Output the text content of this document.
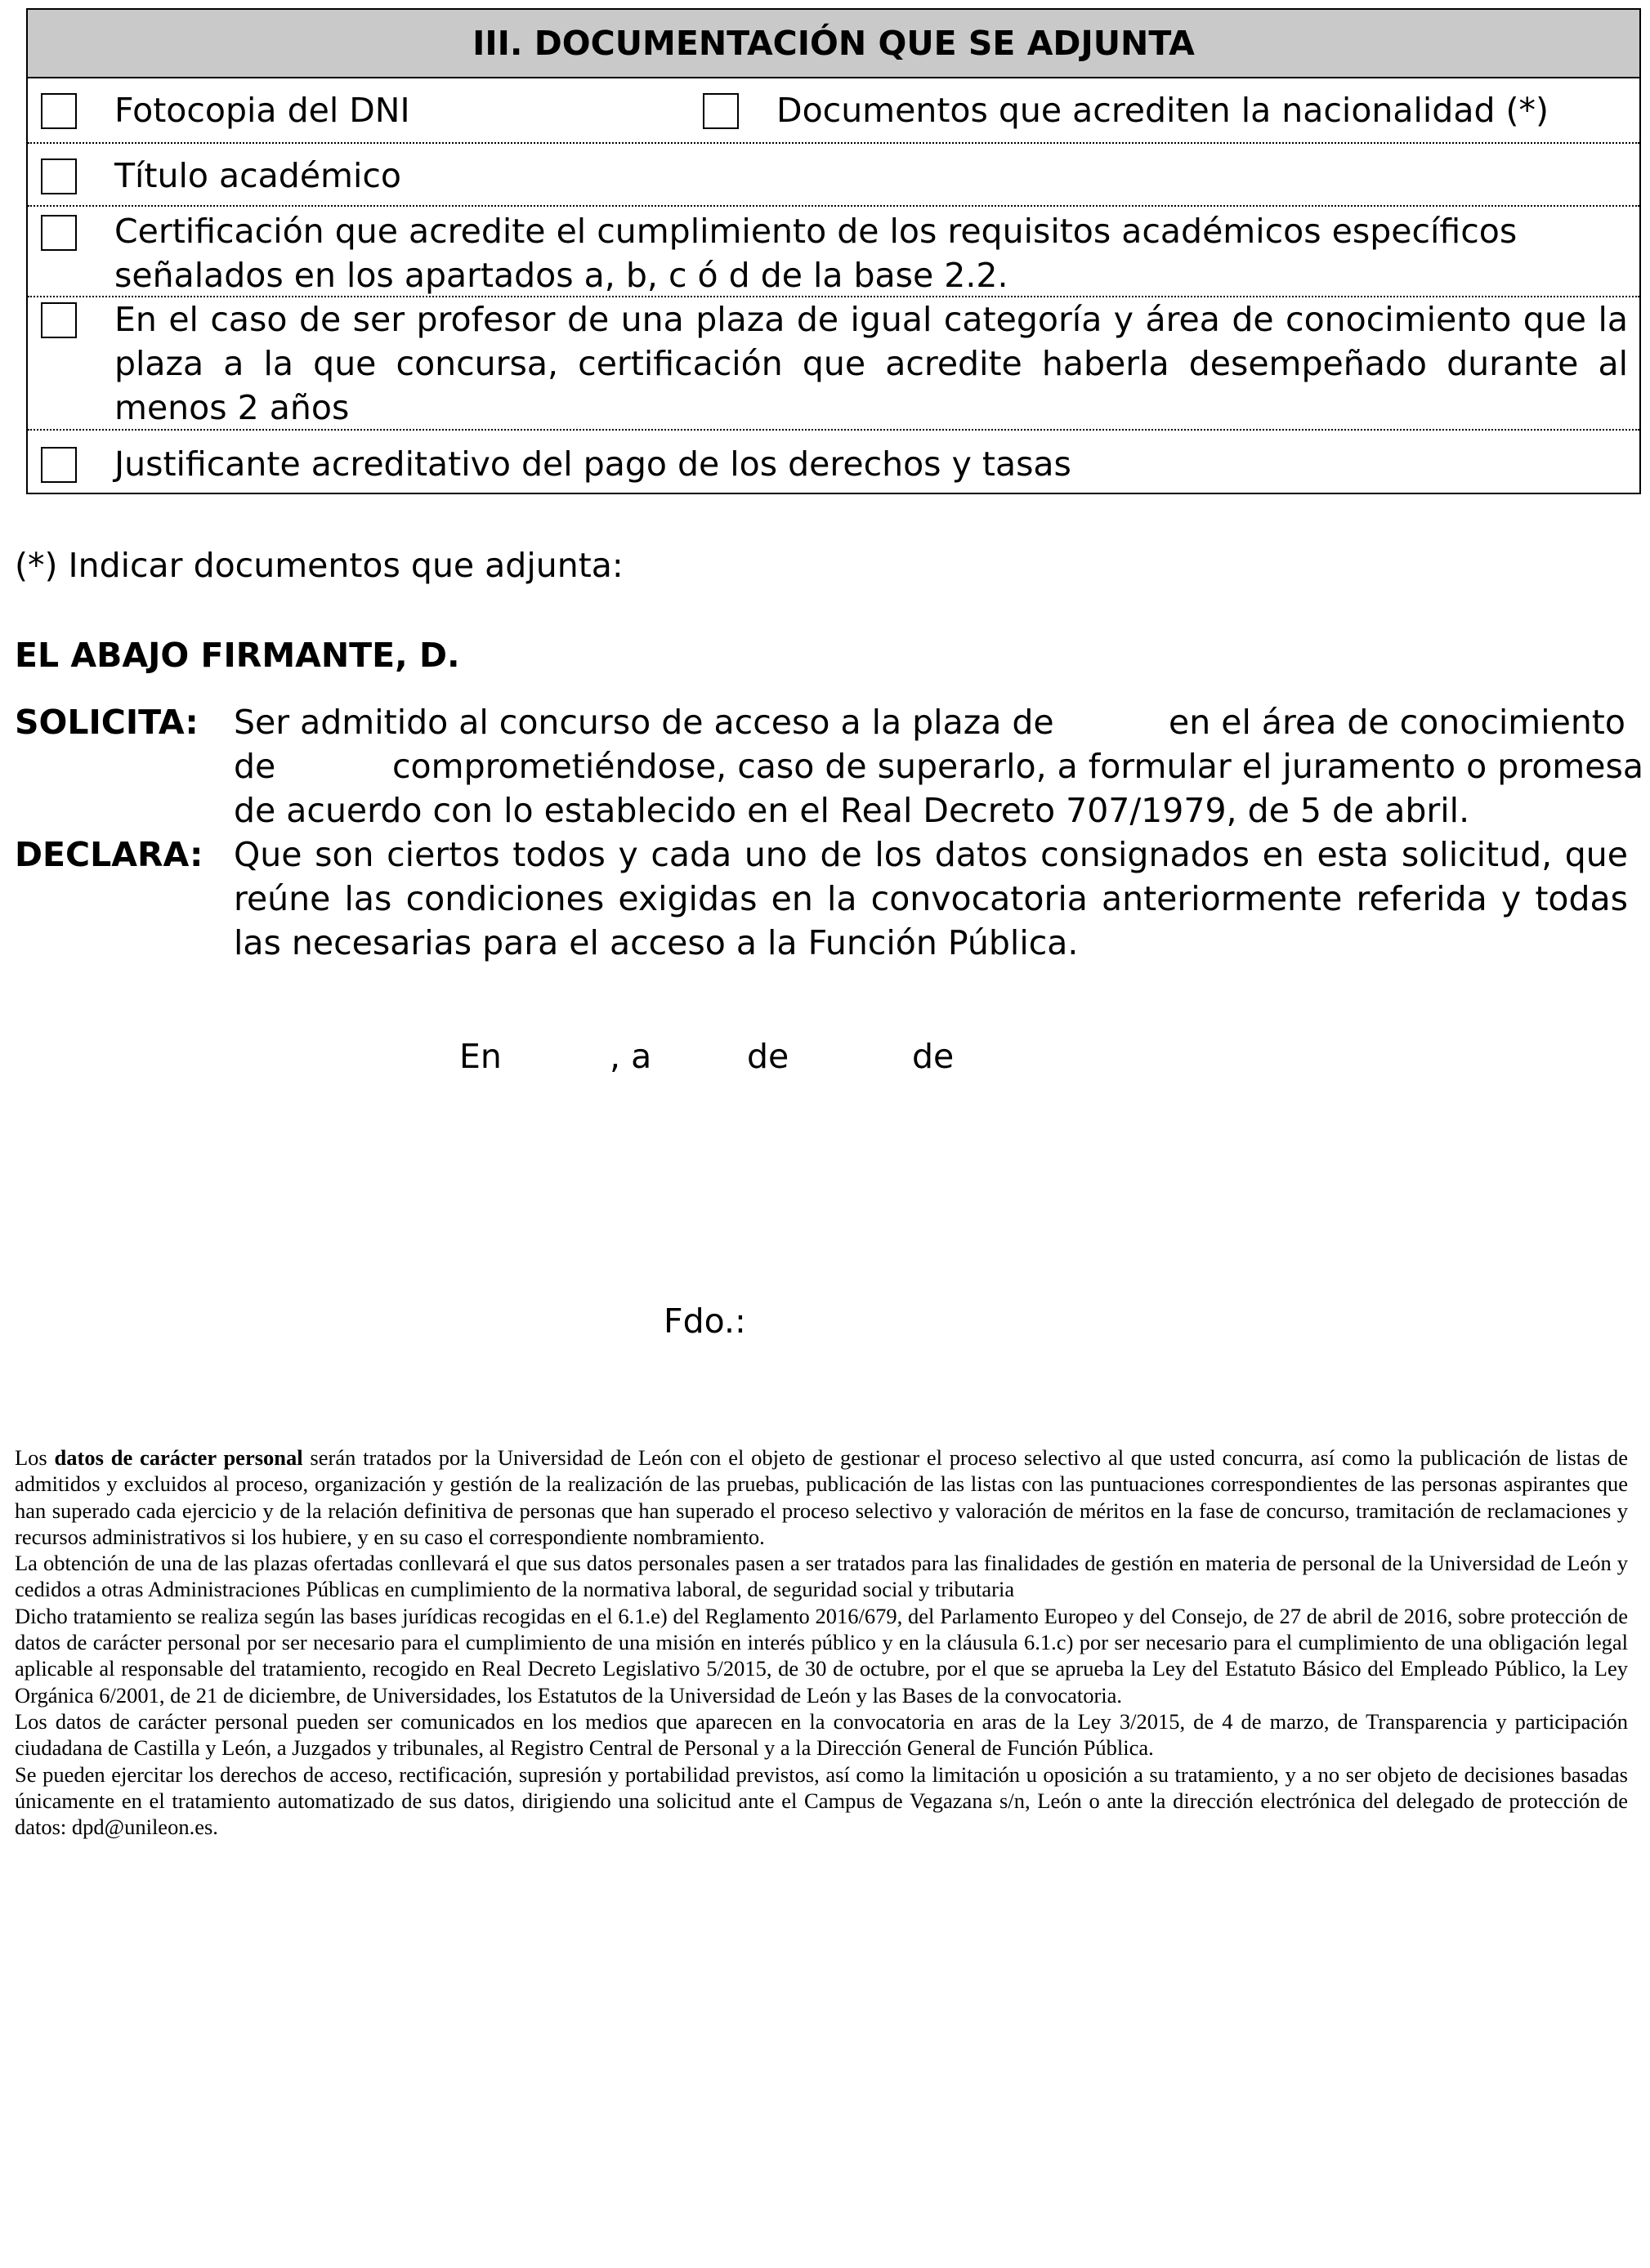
III. DOCUMENTACIÓN QUE SE ADJUNTA
Fotocopia del DNI	Documentos que acrediten la nacionalidad (*)
Título académico
Certificación que acredite el cumplimiento de los requisitos académicos específicos señalados en los apartados a, b, c ó d de la base 2.2.
En el caso de ser profesor de una plaza de igual categoría y área de conocimiento que la plaza a la que concursa, certificación que acredite haberla desempeñado durante al menos 2 años
Justificante acreditativo del pago de los derechos y tasas
(*) Indicar documentos que adjunta:
EL ABAJO FIRMANTE, D.
SOLICITA: Ser admitido al concurso de acceso a la plaza de	en el área de conocimiento
de	comprometiéndose, caso de superarlo, a formular el juramento o promesa
de acuerdo con lo establecido en el Real Decreto 707/1979, de 5 de abril.
DECLARA: Que son ciertos todos y cada uno de los datos consignados en esta solicitud, que reúne las condiciones exigidas en la convocatoria anteriormente referida y todas las necesarias para el acceso a la Función Pública.
En	, a	de	de
Fdo.:

Los datos de carácter personal serán tratados por la Universidad de León con el objeto de gestionar el proceso selectivo al que usted concurra, así como la publicación de listas de admitidos y excluidos al proceso, organización y gestión de la realización de las pruebas, publicación de las listas con las puntuaciones correspondientes de las personas aspirantes que han superado cada ejercicio y de la relación definitiva de personas que han superado el proceso selectivo y valoración de méritos en la fase de concurso, tramitación de reclamaciones y recursos administrativos si los hubiere, y en su caso el correspondiente nombramiento.

La obtención de una de las plazas ofertadas conllevará el que sus datos personales pasen a ser tratados para las finalidades de gestión en materia de personal de la Universidad de León y cedidos a otras Administraciones Públicas en cumplimiento de la normativa laboral, de seguridad social y tributaria

Dicho tratamiento se realiza según las bases jurídicas recogidas en el 6.1.e) del Reglamento 2016/679, del Parlamento Europeo y del Consejo, de 27 de abril de 2016, sobre protección de datos de carácter personal por ser necesario para el cumplimiento de una misión en interés público y en la cláusula 6.1.c) por ser necesario para el cumplimiento de una obligación legal aplicable al responsable del tratamiento, recogido en Real Decreto Legislativo 5/2015, de 30 de octubre, por el que se aprueba la Ley del Estatuto Básico del Empleado Público, la Ley Orgánica 6/2001, de 21 de diciembre, de Universidades, los Estatutos de la Universidad de León y las Bases de la convocatoria.

Los datos de carácter personal pueden ser comunicados en los medios que aparecen en la convocatoria en aras de la Ley 3/2015, de 4 de marzo, de Transparencia y participación ciudadana de Castilla y León, a Juzgados y tribunales, al Registro Central de Personal y a la Dirección General de Función Pública.

Se pueden ejercitar los derechos de acceso, rectificación, supresión y portabilidad previstos, así como la limitación u oposición a su tratamiento, y a no ser objeto de decisiones basadas únicamente en el tratamiento automatizado de sus datos, dirigiendo una solicitud ante el Campus de Vegazana s/n, León o ante la dirección electrónica del delegado de protección de datos: dpd@unileon.es.
